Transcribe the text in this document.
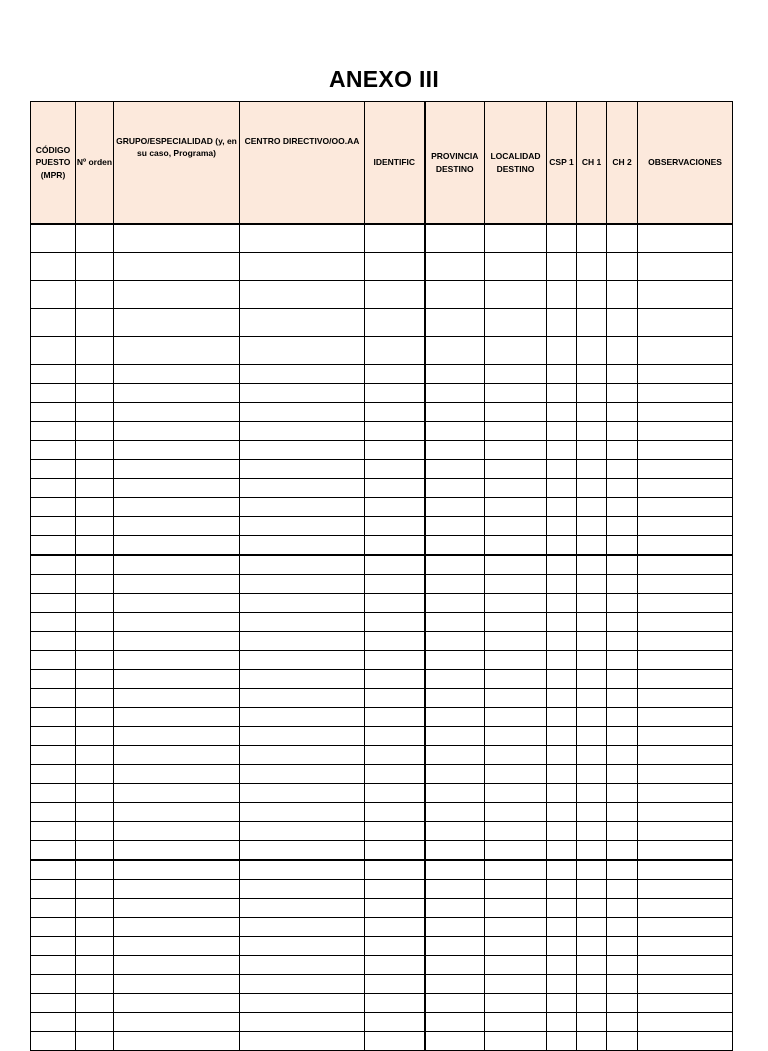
ANEXO III
CÓDIGO PUESTO (MPR)	Nº orden	GRUPO/ESPECIALIDAD (y, en su caso, Programa)	CENTRO DIRECTIVO/OO.AA	IDENTIFIC	PROVINCIA DESTINO	LOCALIDAD DESTINO	CSP 1	CH 1	CH 2	OBSERVACIONES
